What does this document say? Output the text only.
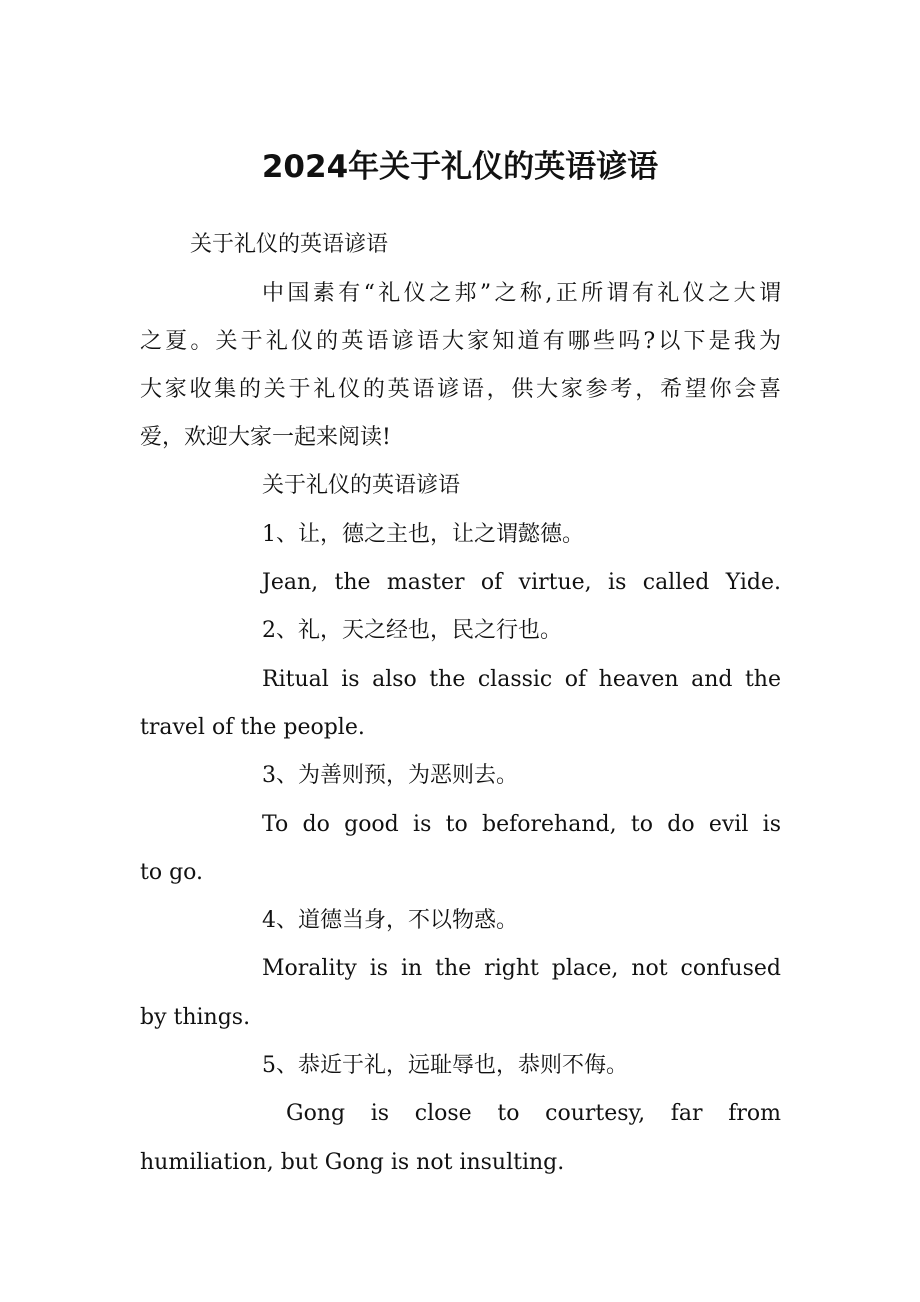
2024年关于礼仪的英语谚语

关于礼仪的英语谚语

中国素有“礼仪之邦”之称,正所谓有礼仪之大谓

之夏。关于礼仪的英语谚语大家知道有哪些吗?以下是我为

大家收集的关于礼仪的英语谚语，供大家参考，希望你会喜

爱，欢迎大家一起来阅读!

关于礼仪的英语谚语

1、让，德之主也，让之谓懿德。

Jean, the master of virtue, is called Yide.

2、礼，天之经也，民之行也。

Ritual is also the classic of heaven and the

travel of the people.

3、为善则预，为恶则去。

To do good is to beforehand, to do evil is

to go.

4、道德当身，不以物惑。

Morality is in the right place, not confused

by things.

5、恭近于礼，远耻辱也，恭则不侮。

Gong is close to courtesy, far from

humiliation, but Gong is not insulting.
